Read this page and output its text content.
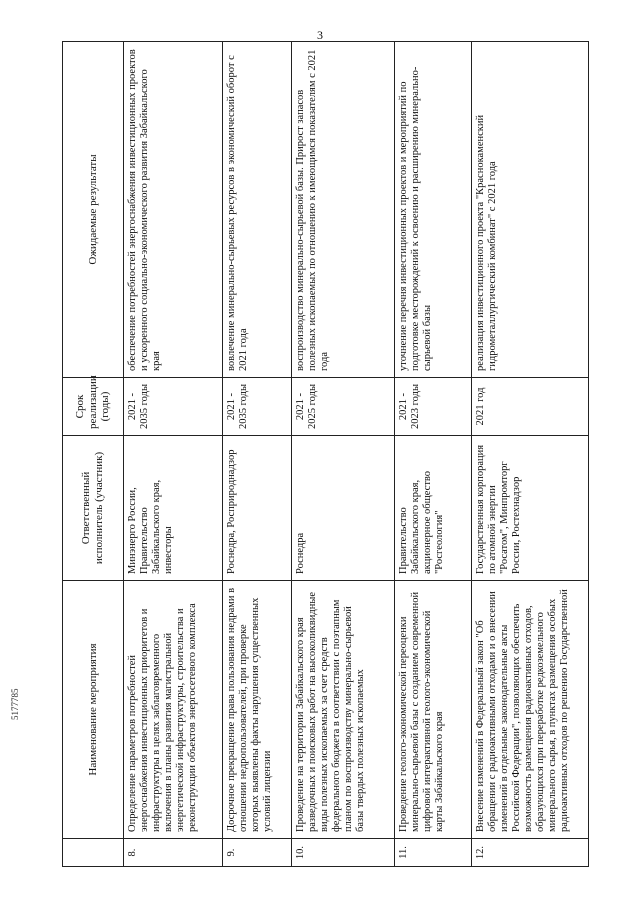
3
	Наименование мероприятия	Ответственный исполнитель (участник)	Срок реализации (годы)	Ожидаемые результаты
8.	Определение параметров потребностей энергоснабжения инвестиционных приоритетов и инфраструктуры в целях заблаговременного включения в планы развития магистральной энергетической инфраструктуры, строительства и реконструкции объектов энергосетевого комплекса	Минэнерго России, Правительство Забайкальского края, инвесторы	2021 - 2035 годы	обеспечение потребностей энергоснабжения инвестиционных проектов и ускоренного социально-экономического развития Забайкальского края
9.	Досрочное прекращение права пользования недрами в отношении недропользователей, при проверке которых выявлены факты нарушения существенных условий лицензии	Роснедра, Росприроднадзор	2021 - 2035 годы	вовлечение минерально-сырьевых ресурсов в экономический оборот с 2021 года
10.	Проведение на территории Забайкальского края разведочных и поисковых работ на высоколиквидные виды полезных ископаемых за счет средств федерального бюджета в соответствии с поэтапным планом по воспроизводству минерально-сырьевой базы твердых полезных ископаемых	Роснедра	2021 - 2025 годы	воспроизводство минерально-сырьевой базы. Прирост запасов полезных ископаемых по отношению к имеющимся показателям с 2021 года
11.	Проведение геолого-экономической переоценки минерально-сырьевой базы с созданием современной цифровой интерактивной геолого-экономической карты Забайкальского края	Правительство Забайкальского края, акционерное общество "Росгеология"	2021 - 2023 годы	уточнение перечня инвестиционных проектов и мероприятий по подготовке месторождений к освоению и расширению минерально-сырьевой базы
12.	Внесение изменений в Федеральный закон "Об обращении с радиоактивными отходами и о внесении изменений в отдельные законодательные акты Российской Федерации", позволяющих обеспечить возможность размещения радиоактивных отходов, образующихся при переработке редкоземельного минерального сырья, в пунктах размещения особых радиоактивных отходов по решению Государственной	Государственная корпорация по атомной энергии "Росатом", Минпромторг России, Ростехнадзор	2021 год	реализация инвестиционного проекта "Краснокаменский гидрометаллургический комбинат" с 2021 года
5177785
